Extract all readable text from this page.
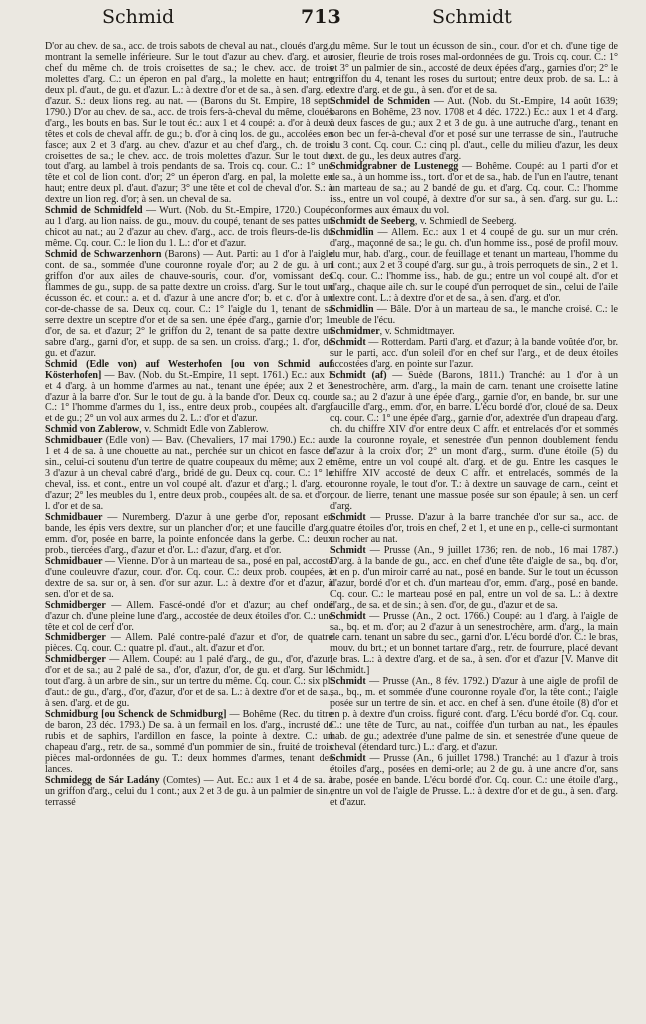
Schmid	713	Schmidt

D'or au chev. de sa., acc. de trois sabots de cheval au nat., cloués d'arg., montrant la semelle inférieure. Sur le tout d'azur au chev. d'arg. et au chef du même ch. de trois croisettes de sa.; le chev. acc. de trois molettes d'arg. C.: un éperon en pal d'arg., la molette en haut; entre deux pl. d'aut., de gu. et d'azur. L.: à dextre d'or et de sa., à sen. d'arg. et d'azur. S.: deux lions reg. au nat. — (Barons du St. Empire, 18 sept. 1790.) D'or au chev. de sa., acc. de trois fers-à-cheval du même, cloués d'arg., les bouts en bas. Sur le tout éc.: aux 1 et 4 coupé: a. d'or à deux têtes et cols de cheval affr. de gu.; b. d'or à cinq los. de gu., accolées en fasce; aux 2 et 3 d'arg. au chev. d'azur et au chef d'arg., ch. de trois croisettes de sa.; le chev. acc. de trois molettes d'azur. Sur le tout du tout d'arg. au lambel à trois pendants de sa. Trois cq. cour. C.: 1° une tête et col de lion cont. d'or; 2° un éperon d'arg. en pal, la molette en haut; entre deux pl. d'aut. d'azur; 3° une tête et col de cheval d'or. S.: à dextre un lion reg. d'or; à sen. un cheval de sa.

Schmid de Schmidfeld — Wurt. (Nob. du St.-Empire, 1720.) Coupé: au 1 d'arg. au lion naiss. de gu., mouv. du coupé, tenant de ses pattes un chicot au nat.; au 2 d'azur au chev. d'arg., acc. de trois fleurs-de-lis du même. Cq. cour. C.: le lion du 1. L.: d'or et d'azur.

Schmid de Schwarzenhorn (Barons) — Aut. Parti: au 1 d'or à l'aigle cont. de sa., sommée d'une couronne royale d'or; au 2 de gu. à un griffon d'or aux ailes de chauve-souris, cour. d'or, vomissant des flammes de gu., supp. de sa patte dextre un croiss. d'arg. Sur le tout un écusson éc. et cour.: a. et d. d'azur à une ancre d'or; b. et c. d'or à un cor-de-chasse de sa. Deux cq. cour. C.: 1° l'aigle du 1, tenant de sa serre dextre un sceptre d'or et de sa sen. une épée d'arg., garnie d'or; 1. d'or, de sa. et d'azur; 2° le griffon du 2, tenant de sa patte dextre un sabre d'arg., garni d'or, et supp. de sa sen. un croiss. d'arg.; 1. d'or, de gu. et d'azur.

Schmid (Edle von) auf Westerhofen [ou von Schmid auf Kösterhofen] — Bav. (Nob. du St.-Empire, 11 sept. 1761.) Ec.: aux 1 et 4 d'arg. à un homme d'armes au nat., tenant une épée; aux 2 et 3 d'azur à la barre d'or. Sur le tout de gu. à la bande d'or. Deux cq. cour. C.: 1° l'homme d'armes du 1, iss., entre deux prob., coupées alt. d'arg. et de gu.; 2° un vol aux armes du 2. L.: d'or et d'azur.

Schmid von Zablerow, v. Schmidt Edle von Zablerow.

Schmidbauer (Edle von) — Bav. (Chevaliers, 17 mai 1790.) Ec.: aux 1 et 4 de sa. à une chouette au nat., perchée sur un chicot en fasce de sin., celui-ci soutenu d'un tertre de quatre coupeaux du même; aux 2 et 3 d'azur à un cheval cabré d'arg., bridé de gu. Deux cq. cour. C.: 1° le cheval, iss. et cont., entre un vol coupé alt. d'azur et d'arg.; l. d'arg. et d'azur; 2° les meubles du 1, entre deux prob., coupées alt. de sa. et d'or; l. d'or et de sa.

Schmidbauer — Nuremberg. D'azur à une gerbe d'or, reposant en bande, les épis vers dextre, sur un plancher d'or; et une faucille d'arg., emm. d'or, posée en barre, la pointe enfoncée dans la gerbe. C.: deux prob., tiercées d'arg., d'azur et d'or. L.: d'azur, d'arg. et d'or.

Schmidbauer — Vienne. D'or à un marteau de sa., posé en pal, accosté d'une couleuvre d'azur, cour. d'or. Cq. cour. C.: deux prob. coupées, à dextre de sa. sur or, à sen. d'or sur azur. L.: à dextre d'or et d'azur, à sen. d'or et de sa.

Schmidberger — Allem. Fascé-ondé d'or et d'azur; au chef ondé d'azur ch. d'une pleine lune d'arg., accostée de deux étoiles d'or. C.: une tête et col de cerf d'or.

Schmidberger — Allem. Palé contre-palé d'azur et d'or, de quatre pièces. Cq. cour. C.: quatre pl. d'aut., alt. d'azur et d'or.

Schmidberger — Allem. Coupé: au 1 palé d'arg., de gu., d'or, d'azur, d'or et de sa.; au 2 palé de sa., d'or, d'azur, d'or, de gu. et d'arg. Sur le tout d'arg. à un arbre de sin., sur un tertre du même. Cq. cour. C.: six pl. d'aut.: de gu., d'arg., d'or, d'azur, d'or et de sa. L.: à dextre d'or et de sa., à sen. d'arg. et de gu.

Schmidburg [ou Schenck de Schmidburg] — Bohême (Rec. du titre de baron, 23 déc. 1793.) De sa. à un fermail en los. d'arg., incrusté de rubis et de saphirs, l'ardillon en fasce, la pointe à dextre. C.: un chapeau d'arg., retr. de sa., sommé d'un pommier de sin., fruité de trois pièces mal-ordonnées de gu. T.: deux hommes d'armes, tenant des lances.

Schmidegg de Sár Ladány (Comtes) — Aut. Ec.: aux 1 et 4 de sa. à un griffon d'arg., celui du 1 cont.; aux 2 et 3 de gu. à un palmier de sin., terrassé

du même. Sur le tout un écusson de sin., cour. d'or et ch. d'une tige de rosier, fleurie de trois roses mal-ordonnées de gu. Trois cq. cour. C.: 1° et 3° un palmier de sin., accosté de deux épées d'arg., garnies d'or; 2° le griffon du 4, tenant les roses du surtout; entre deux prob. de sa. L.: à dextre d'arg. et de gu., à sen. d'or et de sa.

Schmidel de Schmiden — Aut. (Nob. du St.-Empire, 14 août 1639; barons en Bohême, 23 nov. 1708 et 4 déc. 1722.) Ec.: aux 1 et 4 d'arg. à deux fasces de gu.; aux 2 et 3 de gu. à une autruche d'arg., tenant en son bec un fer-à-cheval d'or et posé sur une terrasse de sin., l'autruche du 3 cont. Cq. cour. C.: cinq pl. d'aut., celle du milieu d'azur, les deux ext. de gu., les deux autres d'arg.

Schmidgrabner de Lustenegg — Bohême. Coupé: au 1 parti d'or et de sa., à un homme iss., tort. d'or et de sa., hab. de l'un en l'autre, tenant un marteau de sa.; au 2 bandé de gu. et d'arg. Cq. cour. C.: l'homme iss., entre un vol coupé, à dextre d'or sur sa., à sen. d'arg. sur gu. L.: conformes aux émaux du vol.

Schmidt de Seeberg, v. Schmiedl de Seeberg.

Schmidlin — Allem. Ec.: aux 1 et 4 coupé de gu. sur un mur crén. d'arg., maçonné de sa.; le gu. ch. d'un homme iss., posé de profil mouv. du mur, hab. d'arg., cour. de feuillage et tenant un marteau, l'homme du 1 cont.; aux 2 et 3 coupé d'arg. sur gu., à trois perroquets de sin., 2 et 1. Cq. cour. C.: l'homme iss., hab. de gu.; entre un vol coupé alt. d'or et d'arg., chaque aile ch. sur le coupé d'un perroquet de sin., celui de l'aile dextre cont. L.: à dextre d'or et de sa., à sen. d'arg. et d'or.

Schmidlin — Bâle. D'or à un marteau de sa., le manche croisé. C.: le meuble de l'écu.

Schmidmer, v. Schmidtmayer.

Schmidt — Rotterdam. Parti d'arg. et d'azur; à la bande voûtée d'or, br. sur le parti, acc. d'un soleil d'or en chef sur l'arg., et de deux étoiles accostées d'arg. en pointe sur l'azur.

Schmidt (af) — Suède (Barons, 1811.) Tranché: au 1 d'or à un senestrochère, arm. d'arg., la main de carn. tenant une croisette latine de sa.; au 2 d'azur à une épée d'arg., garnie d'or, en bande, br. sur une faucille d'arg., emm. d'or, en barre. L'écu bordé d'or, cloué de sa. Deux cq. cour. C.: 1° une épée d'arg., garnie d'or, adextrée d'un drapeau d'arg. ch. du chiffre XIV d'or entre deux C affr. et entrelacés d'or et sommés de la couronne royale, et senestrée d'un pennon doublement fendu d'azur à la croix d'or; 2° un mont d'arg., surm. d'une étoile (5) du même, entre un vol coupé alt. d'arg. et de gu. Entre les casques le chiffre XIV accosté de deux C affr. et entrelacés, sommés de la couronne royale, le tout d'or. T.: à dextre un sauvage de carn., ceint et cour. de lierre, tenant une massue posée sur son épaule; à sen. un cerf d'arg.

Schmidt — Prusse. D'azur à la barre tranchée d'or sur sa., acc. de quatre étoiles d'or, trois en chef, 2 et 1, et une en p., celle-ci surmontant un rocher au nat.

Schmidt — Prusse (An., 9 juillet 1736; ren. de nob., 16 mai 1787.) D'arg. à la bande de gu., acc. en chef d'une tête d'aigle de sa., bq. d'or, et en p. d'un miroir carré au nat., posé en bande. Sur le tout un écusson d'azur, bordé d'or et ch. d'un marteau d'or, emm. d'arg., posé en bande. Cq. cour. C.: le marteau posé en pal, entre un vol de sa. L.: à dextre d'arg., de sa. et de sin.; à sen. d'or, de gu., d'azur et de sa.

Schmidt — Prusse (An., 2 oct. 1766.) Coupé: au 1 d'arg. à l'aigle de sa., bq. et m. d'or; au 2 d'azur à un senestrochère, arm. d'arg., la main de carn. tenant un sabre du sec., garni d'or. L'écu bordé d'or. C.: le bras, mouv. du brt.; et un bonnet tartare d'arg., retr. de fourrure, placé devant le bras. L.: à dextre d'arg. et de sa., à sen. d'or et d'azur [V. Manve dit Schmidt.]

Schmidt — Prusse (An., 8 fév. 1792.) D'azur à une aigle de profil de sa., bq., m. et sommée d'une couronne royale d'or, la tête cont.; l'aigle posée sur un tertre de sin. et acc. en chef à sen. d'une étoile (8) d'or et en p. à dextre d'un croiss. figuré cont. d'arg. L'écu bordé d'or. Cq. cour. C.: une tête de Turc, au nat., coiffée d'un turban au nat., les épaules hab. de gu.; adextrée d'une palme de sin. et senestrée d'une queue de cheval (étendard turc.) L.: d'arg. et d'azur.

Schmidt — Prusse (An., 6 juillet 1798.) Tranché: au 1 d'azur à trois étoiles d'arg., posées en demi-orle; au 2 de gu. à une ancre d'or, sans trabe, posée en bande. L'écu bordé d'or. Cq. cour. C.: une étoile d'arg., entre un vol de l'aigle de Prusse. L.: à dextre d'or et de gu., à sen. d'arg. et d'azur.
